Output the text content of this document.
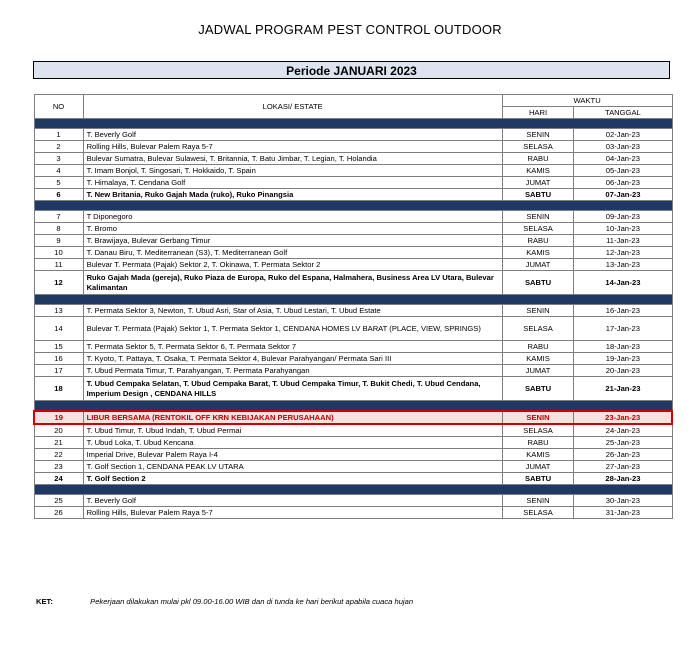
JADWAL PROGRAM PEST CONTROL OUTDOOR
Periode JANUARI 2023
NO	LOKASI/ ESTATE	WAKTU	
		HARI	TANGGAL

1	T. Beverly Golf	SENIN	02-Jan-23
2	Rolling Hills, Bulevar Palem Raya 5-7	SELASA	03-Jan-23
3	Bulevar Sumatra, Bulevar Sulawesi, T. Britannia, T. Batu Jimbar, T. Legian, T. Holandia	RABU	04-Jan-23
4	T. Imam Bonjol, T. Singosari, T. Hokkaido, T. Spain	KAMIS	05-Jan-23
5	T. Himalaya, T. Cendana Golf	JUMAT	06-Jan-23
6	T. New Britania, Ruko Gajah Mada (ruko), Ruko Pinangsia	SABTU	07-Jan-23

7	T Diponegoro	SENIN	09-Jan-23
8	T. Bromo	SELASA	10-Jan-23
9	T. Brawijaya, Bulevar Gerbang Timur	RABU	11-Jan-23
10	T. Danau Biru, T. Mediterranean (S3), T. Mediterranean Golf	KAMIS	12-Jan-23
11	Bulevar T. Permata (Pajak) Sektor 2, T. Okinawa, T. Permata Sektor 2	JUMAT	13-Jan-23
12	Ruko Gajah Mada (gereja), Ruko Piaza de Europa, Ruko del Espana, Halmahera, Business Area LV Utara, Bulevar Kalimantan	SABTU	14-Jan-23

13	T. Permata Sektor 3, Newton, T. Ubud Asri, Star of Asia, T. Ubud Lestari, T. Ubud Estate	SENIN	16-Jan-23
14	Bulevar T. Permata (Pajak) Sektor 1, T. Permata Sektor 1, CENDANA HOMES LV BARAT (PLACE, VIEW, SPRINGS)	SELASA	17-Jan-23
15	T. Permata Sektor 5, T. Permata Sektor 6, T. Permata Sektor 7	RABU	18-Jan-23
16	T. Kyoto, T. Pattaya, T. Osaka, T. Permata Sektor 4, Bulevar Parahyangan/ Permata Sari III	KAMIS	19-Jan-23
17	T. Ubud Permata Timur, T. Parahyangan, T. Permata Parahyangan	JUMAT	20-Jan-23
18	T. Ubud Cempaka Selatan, T. Ubud Cempaka Barat, T. Ubud Cempaka Timur, T. Bukit Chedi, T. Ubud Cendana, Imperium Design , CENDANA HILLS	SABTU	21-Jan-23

19	LIBUR BERSAMA (RENTOKIL OFF KRN KEBIJAKAN PERUSAHAAN)	SENIN	23-Jan-23
20	T. Ubud Timur, T. Ubud Indah, T. Ubud Permai	SELASA	24-Jan-23
21	T. Ubud Loka, T. Ubud Kencana	RABU	25-Jan-23
22	Imperial Drive, Bulevar Palem Raya I-4	KAMIS	26-Jan-23
23	T. Golf Section 1, CENDANA PEAK LV UTARA	JUMAT	27-Jan-23
24	T. Golf Section 2	SABTU	28-Jan-23

25	T. Beverly Golf	SENIN	30-Jan-23
26	Rolling Hills, Bulevar Palem Raya 5-7	SELASA	31-Jan-23
KET:	Pekerjaan dilakukan mulai pkl 09.00-16.00 WIB dan di tunda ke hari berikut apabila cuaca hujan
